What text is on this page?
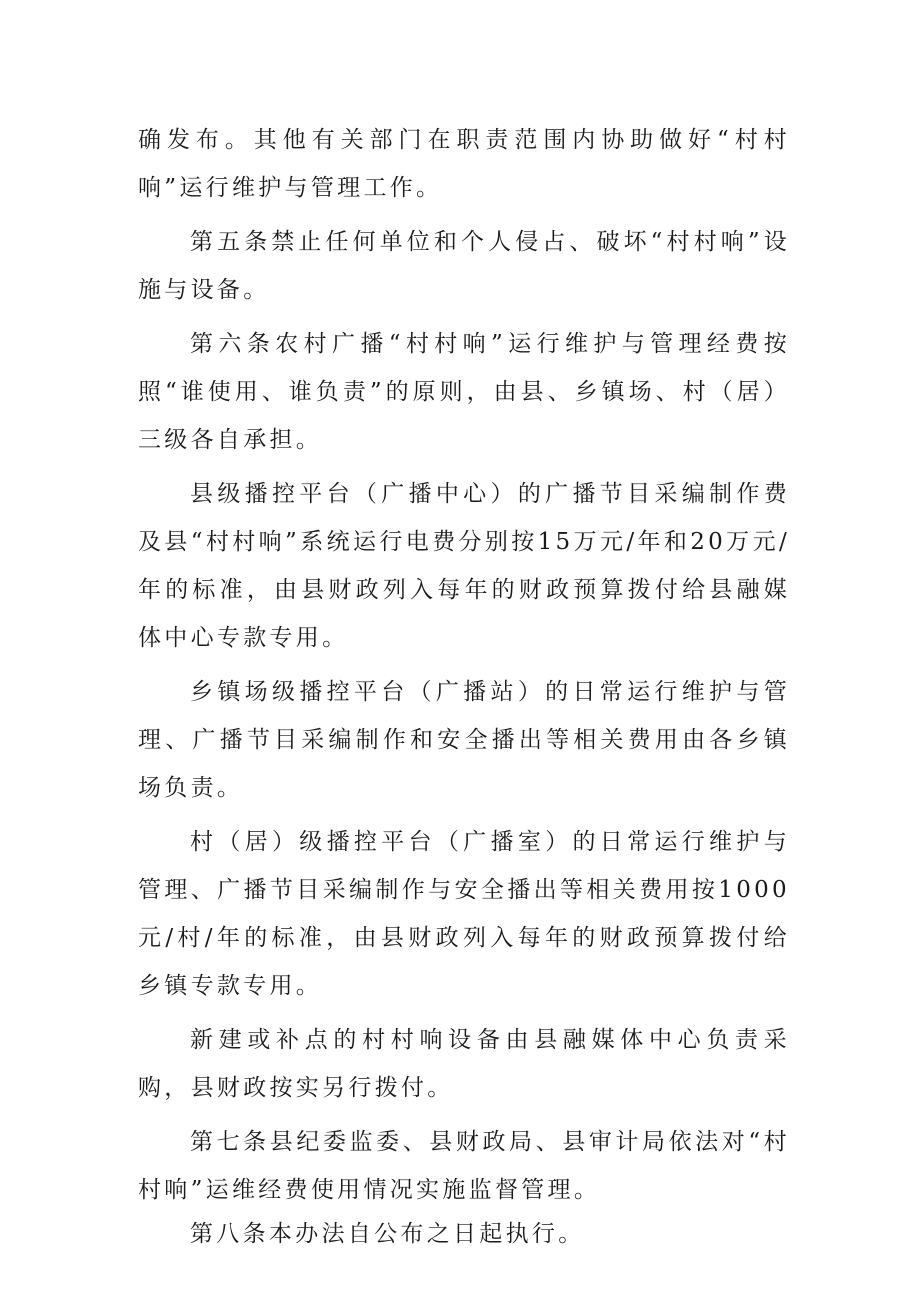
确发布。其他有关部门在职责范围内协助做好“村村响”运行维护与管理工作。

第五条禁止任何单位和个人侵占、破坏“村村响”设施与设备。

第六条农村广播“村村响”运行维护与管理经费按照“谁使用、谁负责”的原则，由县、乡镇场、村（居）三级各自承担。

县级播控平台（广播中心）的广播节目采编制作费及县“村村响”系统运行电费分别按15万元/年和20万元/年的标准，由县财政列入每年的财政预算拨付给县融媒体中心专款专用。

乡镇场级播控平台（广播站）的日常运行维护与管理、广播节目采编制作和安全播出等相关费用由各乡镇场负责。

村（居）级播控平台（广播室）的日常运行维护与管理、广播节目采编制作与安全播出等相关费用按1000元/村/年的标准，由县财政列入每年的财政预算拨付给乡镇专款专用。

新建或补点的村村响设备由县融媒体中心负责采购，县财政按实另行拨付。

第七条县纪委监委、县财政局、县审计局依法对“村村响”运维经费使用情况实施监督管理。

第八条本办法自公布之日起执行。
